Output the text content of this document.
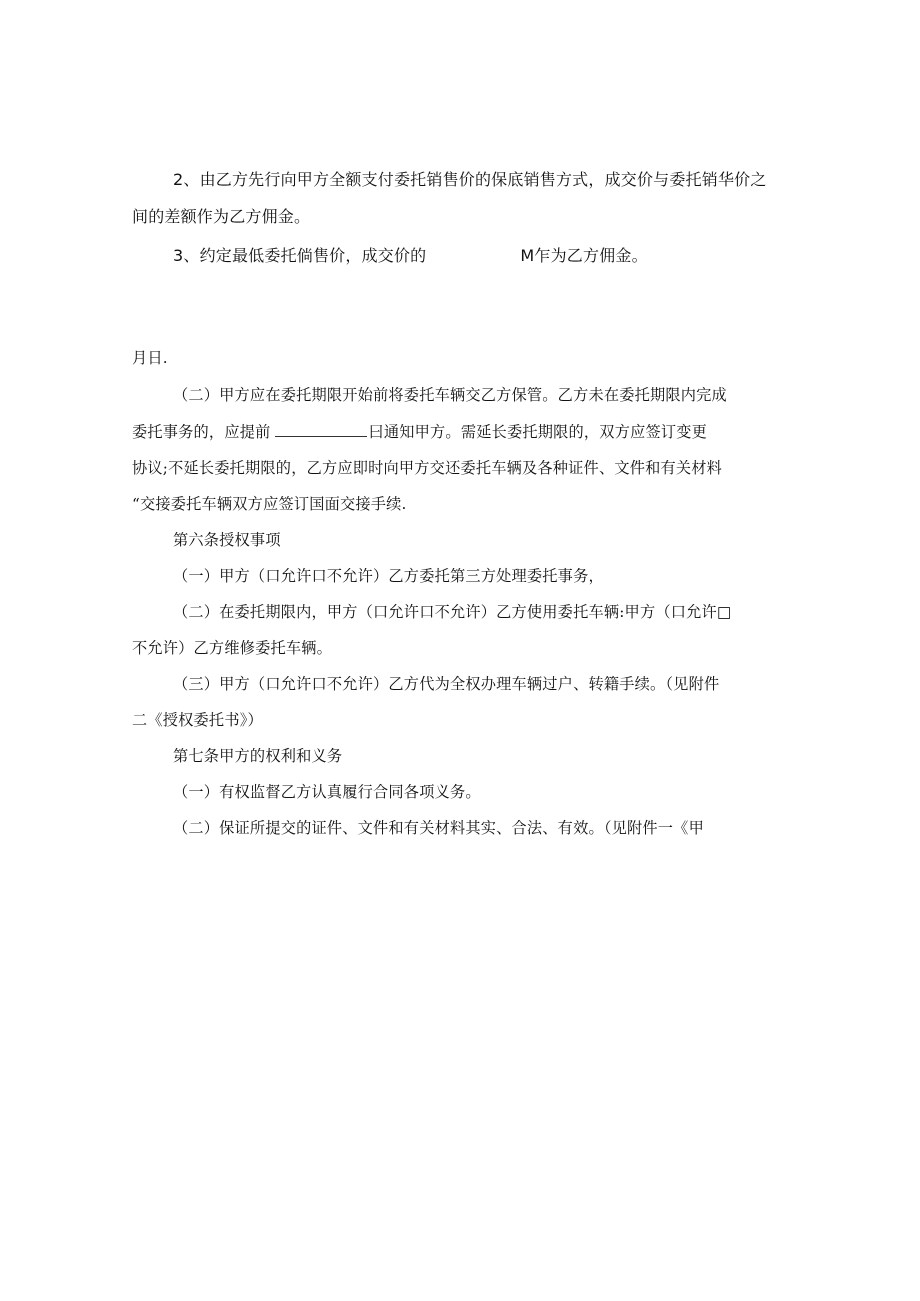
2、由乙方先行向甲方全额支付委托销售价的保底销售方式，成交价与委托销华价之
间的差额作为乙方佣金。
3、约定最低委托倘售价，成交价的	M乍为乙方佣金。
月日.
（二）甲方应在委托期限开始前将委托车辆交乙方保管。乙方未在委托期限内完成
委托事务的，应提前	曰通知甲方。需延长委托期限的，双方应签订变更
协议;不延长委托期限的，乙方应即时向甲方交还委托车辆及各种证件、文件和有关材料
“交接委托车辆双方应签订国面交接手续.
第六条授权事项
（一）甲方（口允许口不允许）乙方委托第三方处理委托事务，
（二）在委托期限内，甲方（口允许口不允许）乙方使用委托车辆:甲方（口允许□
不允许）乙方维修委托车辆。
（三）甲方（口允许口不允许）乙方代为全权办理车辆过户、转籍手续。（见附件
二《授权委托书》）
第七条甲方的权利和义务
（一）有权监督乙方认真履行合同各项义务。
（二）保证所提交的证件、文件和有关材料其实、合法、有效。（见附件一《甲
